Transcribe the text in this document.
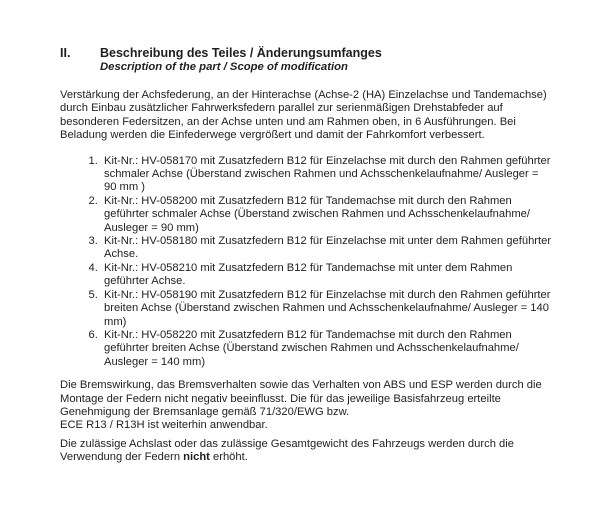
II.	Beschreibung des Teiles / Änderungsumfanges
Description of the part / Scope of modification

Verstärkung der Achsfederung, an der Hinterachse (Achse-2 (HA) Einzelachse und Tandemachse) durch Einbau zusätzlicher Fahrwerksfedern parallel zur serienmäßigen Drehstabfeder auf besonderen Federsitzen, an der Achse unten und am Rahmen oben, in 6 Ausführungen. Bei Beladung werden die Einfederwege vergrößert und damit der Fahrkomfort verbessert.

1. Kit-Nr.: HV-058170 mit Zusatzfedern B12 für Einzelachse mit durch den Rahmen geführter schmaler Achse (Überstand zwischen Rahmen und Achsschenkelaufnahme/ Ausleger = 90 mm )
2. Kit-Nr.: HV-058200 mit Zusatzfedern B12 für Tandemachse mit durch den Rahmen geführter schmaler Achse (Überstand zwischen Rahmen und Achsschenkelaufnahme/ Ausleger = 90 mm)
3. Kit-Nr.: HV-058180 mit Zusatzfedern B12 für Einzelachse mit unter dem Rahmen geführter Achse.
4. Kit-Nr.: HV-058210 mit Zusatzfedern B12 für Tandemachse mit unter dem Rahmen geführter Achse.
5. Kit-Nr.: HV-058190 mit Zusatzfedern B12 für Einzelachse mit durch den Rahmen geführter breiten Achse (Überstand zwischen Rahmen und Achsschenkelaufnahme/ Ausleger = 140 mm)
6. Kit-Nr.: HV-058220 mit Zusatzfedern B12 für Tandemachse mit durch den Rahmen geführter breiten Achse (Überstand zwischen Rahmen und Achsschenkelaufnahme/ Ausleger = 140 mm)

Die Bremswirkung, das Bremsverhalten sowie das Verhalten von ABS und ESP werden durch die Montage der Federn nicht negativ beeinflusst. Die für das jeweilige Basisfahrzeug erteilte Genehmigung der Bremsanlage gemäß 71/320/EWG bzw.
ECE R13 / R13H ist weiterhin anwendbar.

Die zulässige Achslast oder das zulässige Gesamtgewicht des Fahrzeugs werden durch die Verwendung der Federn nicht erhöht.
